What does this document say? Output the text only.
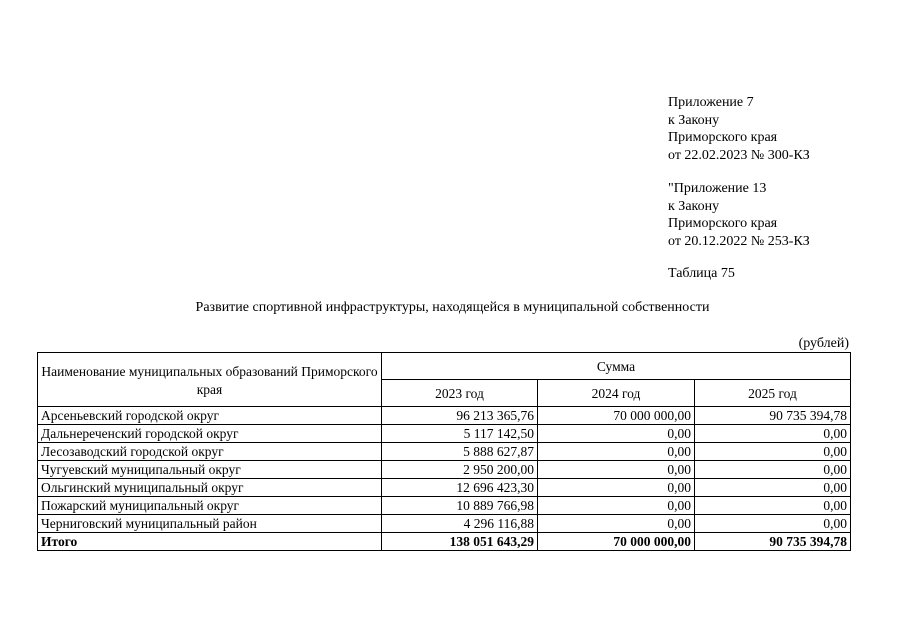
Приложение 7
к Закону
Приморского края
от 22.02.2023 № 300-КЗ
"Приложение 13
к Закону
Приморского края
от 20.12.2022 № 253-КЗ
Таблица 75
Развитие спортивной инфраструктуры, находящейся в муниципальной собственности
(рублей)
Наименование муниципальных образований Приморского края	Сумма		
	2023 год	2024 год	2025 год
Арсеньевский городской округ	96 213 365,76	70 000 000,00	90 735 394,78
Дальнереченский городской округ	5 117 142,50	0,00	0,00
Лесозаводский городской округ	5 888 627,87	0,00	0,00
Чугуевский муниципальный округ	2 950 200,00	0,00	0,00
Ольгинский муниципальный округ	12 696 423,30	0,00	0,00
Пожарский муниципальный округ	10 889 766,98	0,00	0,00
Черниговский муниципальный район	4 296 116,88	0,00	0,00
Итого	138 051 643,29	70 000 000,00	90 735 394,78
